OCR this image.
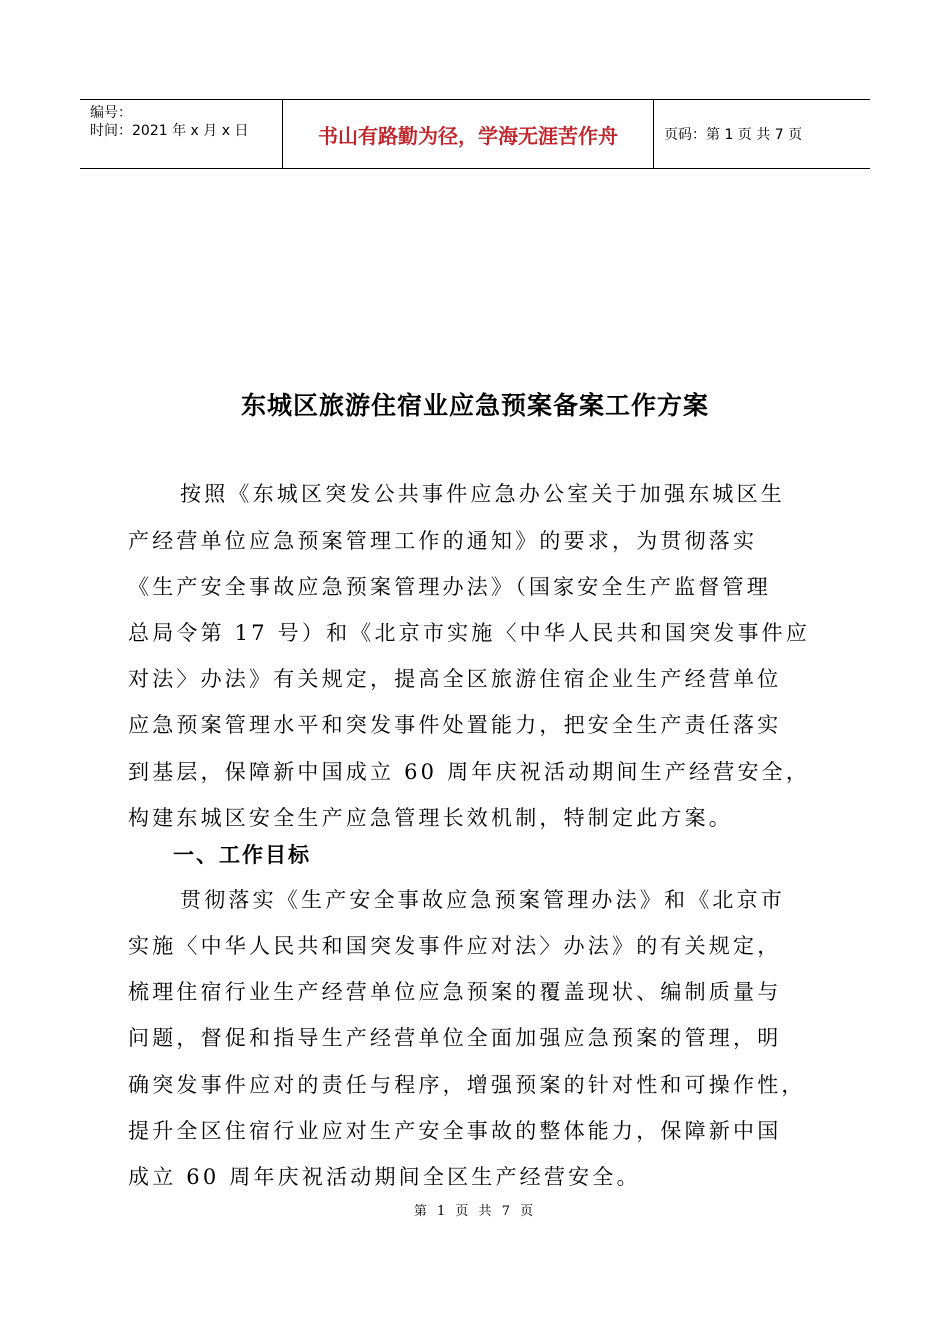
编号：
时间：2021 年 x 月 x 日	书山有路勤为径，学海无涯苦作舟	页码：第 1 页 共 7 页
东城区旅游住宿业应急预案备案工作方案
按照《东城区突发公共事件应急办公室关于加强东城区生
产经营单位应急预案管理工作的通知》的要求，为贯彻落实
《生产安全事故应急预案管理办法》（国家安全生产监督管理
总局令第 17 号）和《北京市实施〈中华人民共和国突发事件应
对法〉办法》有关规定，提高全区旅游住宿企业生产经营单位
应急预案管理水平和突发事件处置能力，把安全生产责任落实
到基层，保障新中国成立 60 周年庆祝活动期间生产经营安全，
构建东城区安全生产应急管理长效机制，特制定此方案。
一、工作目标
贯彻落实《生产安全事故应急预案管理办法》和《北京市
实施〈中华人民共和国突发事件应对法〉办法》的有关规定，
梳理住宿行业生产经营单位应急预案的覆盖现状、编制质量与
问题，督促和指导生产经营单位全面加强应急预案的管理，明
确突发事件应对的责任与程序，增强预案的针对性和可操作性，
提升全区住宿行业应对生产安全事故的整体能力，保障新中国
成立 60 周年庆祝活动期间全区生产经营安全。
第 1 页 共 7 页
